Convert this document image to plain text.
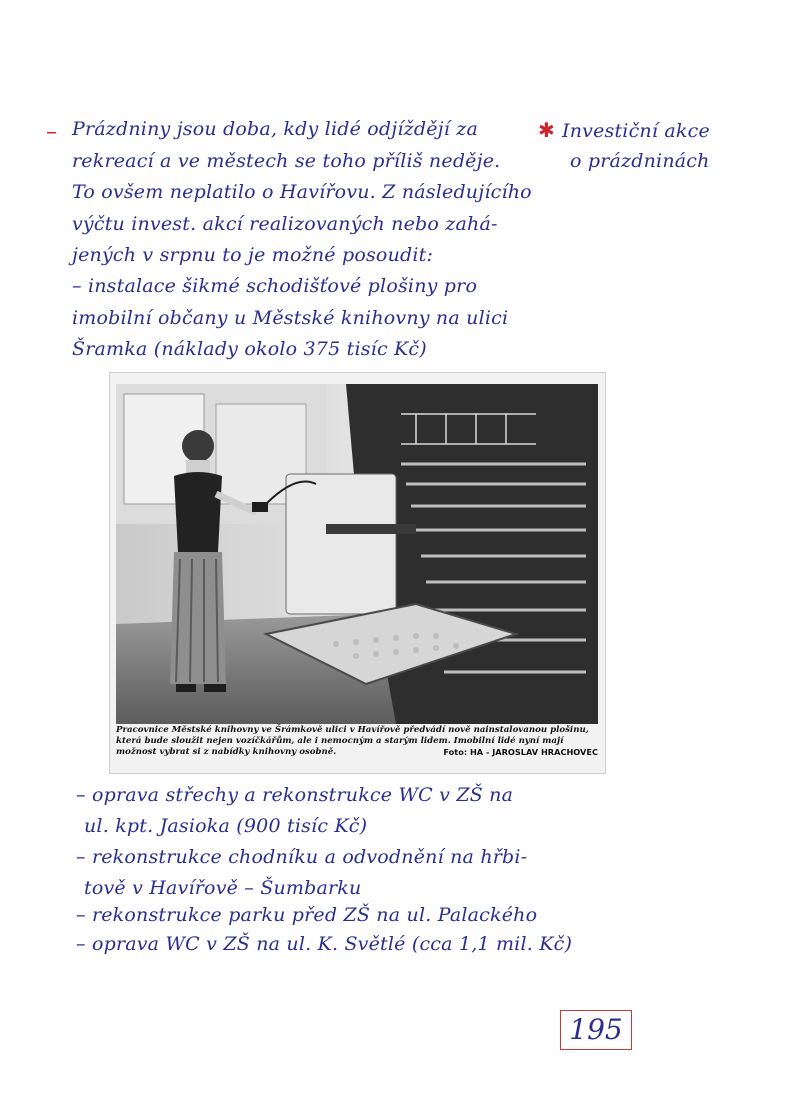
– Prázdniny jsou doba, kdy lidé odjíždějí za
rekreací a ve městech se toho příliš neděje.
To ovšem neplatilo o Havířovu. Z následujícího
výčtu invest. akcí realizovaných nebo zahá-
jených v srpnu to je možné posoudit:
– instalace šikmé schodišťové plošiny pro
imobilní občany u Městské knihovny na ulici
Šramka (náklady okolo 375 tisíc Kč)
✱ Investiční akce
o prázdninách
Pracovnice Městské knihovny ve Šrámkově ulici v Havířově předvádí nově nainstalovanou plošinu, která bude sloužit nejen vozíčkářům, ale i nemocným a starým lidem. Imobilní lidé nyní mají možnost vybrat si z nabídky knihovny osobně.	Foto: HA - JAROSLAV HRACHOVEC
– oprava střechy a rekonstrukce WC v ZŠ na
ul. kpt. Jasioka (900 tisíc Kč)
– rekonstrukce chodníku a odvodnění na hřbi-
tově v Havířově – Šumbarku
– rekonstrukce parku před ZŠ na ul. Palackého
– oprava WC v ZŠ na ul. K. Světlé (cca 1,1 mil. Kč)
195
